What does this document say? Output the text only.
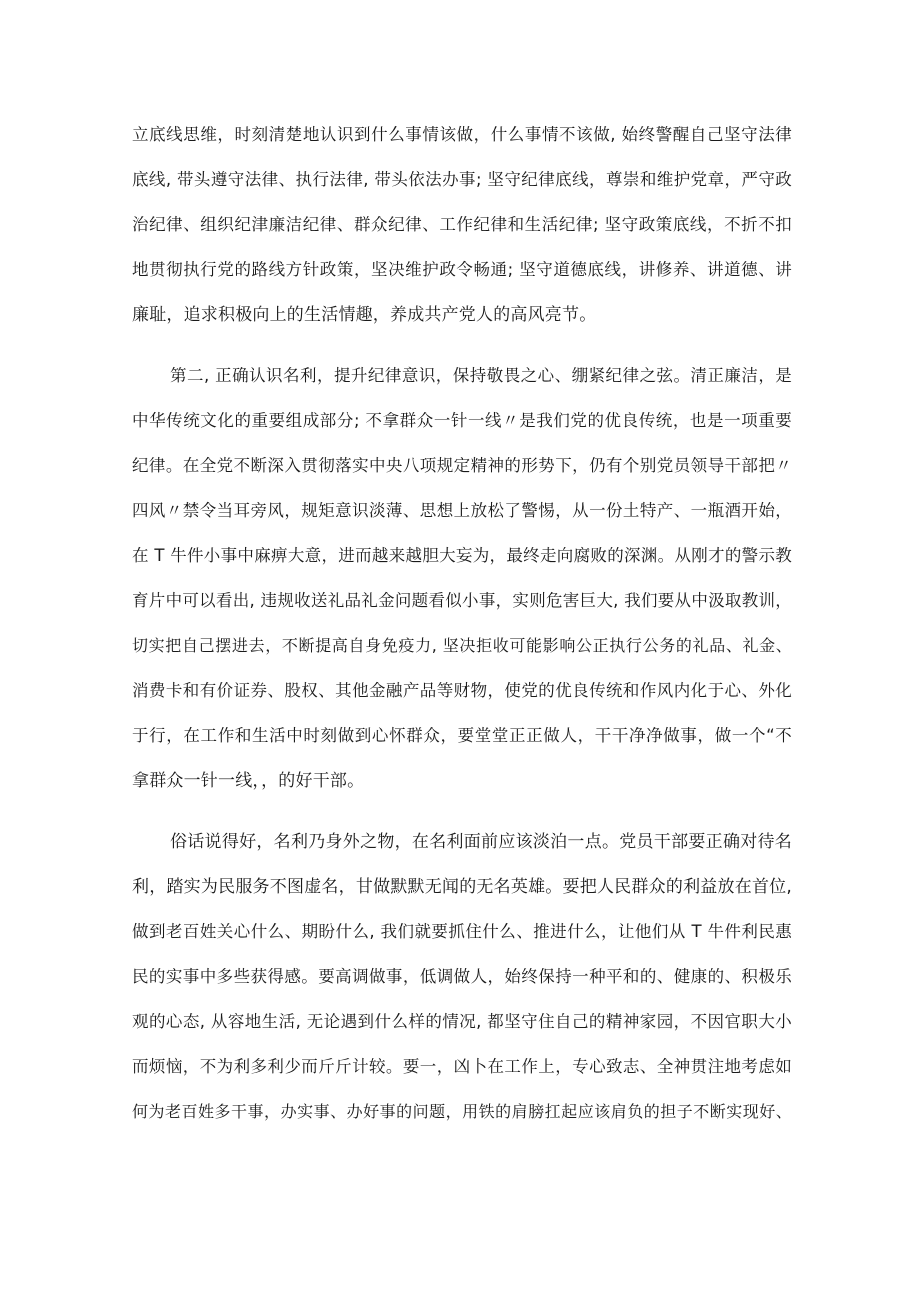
立底线思维，时刻清楚地认识到什么事情该做，什么事情不该做, 始终警醒自己坚守法律
底线, 带头遵守法律、执行法律, 带头依法办事; 坚守纪律底线，尊崇和维护党章，严守政
治纪律、组织纪津廉洁纪律、群众纪律、工作纪律和生活纪律; 坚守政策底线，不折不扣
地贯彻执行党的路线方针政策，坚决维护政令畅通; 坚守道德底线，讲修养、讲道德、讲
廉耻，追求积极向上的生活情趣，养成共产党人的高风亮节。
第二, 正确认识名利，提升纪律意识，保持敬畏之心、绷紧纪律之弦。清正廉洁，是
中华传统文化的重要组成部分; 不拿群众一针一线〃是我们党的优良传统，也是一项重要
纪律。在全党不断深入贯彻落实中央八项规定精神的形势下，仍有个别党员领导干部把〃
四风〃禁令当耳旁风，规矩意识淡薄、思想上放松了警惕，从一份土特产、一瓶酒开始，
在 T 牛件小事中麻痹大意，进而越来越胆大妄为，最终走向腐败的深渊。从刚才的警示教
育片中可以看出, 违规收送礼品礼金问题看似小事，实则危害巨大, 我们要从中汲取教训，
切实把自己摆进去，不断提高自身免疫力, 坚决拒收可能影响公正执行公务的礼品、礼金、
消费卡和有价证券、股权、其他金融产品等财物，使党的优良传统和作风内化于心、外化
于行，在工作和生活中时刻做到心怀群众，要堂堂正正做人，干干净净做事，做一个“不
拿群众一针一线，，的好干部。
俗话说得好，名利乃身外之物，在名利面前应该淡泊一点。党员干部要正确对待名
利，踏实为民服务不图虚名，甘做默默无闻的无名英雄。要把人民群众的利益放在首位,
做到老百姓关心什么、期盼什么, 我们就要抓住什么、推进什么，让他们从 T 牛件利民惠
民的实事中多些获得感。要高调做事，低调做人，始终保持一种平和的、健康的、积极乐
观的心态, 从容地生活, 无论遇到什么样的情况, 都坚守住自己的精神家园，不因官职大小
而烦恼，不为利多利少而斤斤计较。要一，凶卜在工作上，专心致志、全神贯注地考虑如
何为老百姓多干事，办实事、办好事的问题，用铁的肩膀扛起应该肩负的担子不断实现好、
